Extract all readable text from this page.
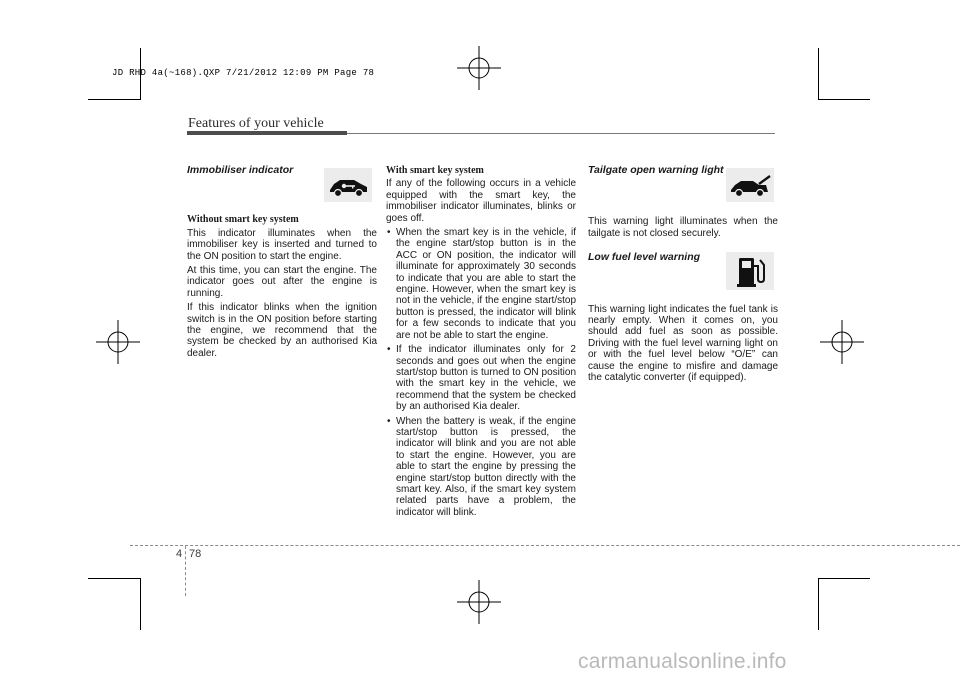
JD RHD 4a(~168).QXP 7/21/2012 12:09 PM Page 78
Features of your vehicle
Immobiliser indicator
Without smart key system

This indicator illuminates when the immobiliser key is inserted and turned to the ON position to start the engine.

At this time, you can start the engine. The indicator goes out after the engine is running.

If this indicator blinks when the ignition switch is in the ON position before starting the engine, we recommend that the system be checked by an authorised Kia dealer.

With smart key system

If any of the following occurs in a vehicle equipped with the smart key, the immobiliser indicator illuminates, blinks or goes off.

• When the smart key is in the vehicle, if the engine start/stop button is in the ACC or ON position, the indicator will illuminate for approximately 30 seconds to indicate that you are able to start the engine. However, when the smart key is not in the vehicle, if the engine start/stop button is pressed, the indicator will blink for a few seconds to indicate that you are not be able to start the engine.
• If the indicator illuminates only for 2 seconds and goes out when the engine start/stop button is turned to ON position with the smart key in the vehicle, we recommend that the system be checked by an authorised Kia dealer.
• When the battery is weak, if the engine start/stop button is pressed, the indicator will blink and you are not able to start the engine. However, you are able to start the engine by pressing the engine start/stop button directly with the smart key. Also, if the smart key system related parts have a problem, the indicator will blink.
Tailgate open warning light

This warning light illuminates when the tailgate is not closed securely.

Low fuel level warning

This warning light indicates the fuel tank is nearly empty. When it comes on, you should add fuel as soon as possible. Driving with the fuel level warning light on or with the fuel level below “O/E” can cause the engine to misfire and damage the catalytic converter (if equipped).

4 78
carmanualsonline.info
